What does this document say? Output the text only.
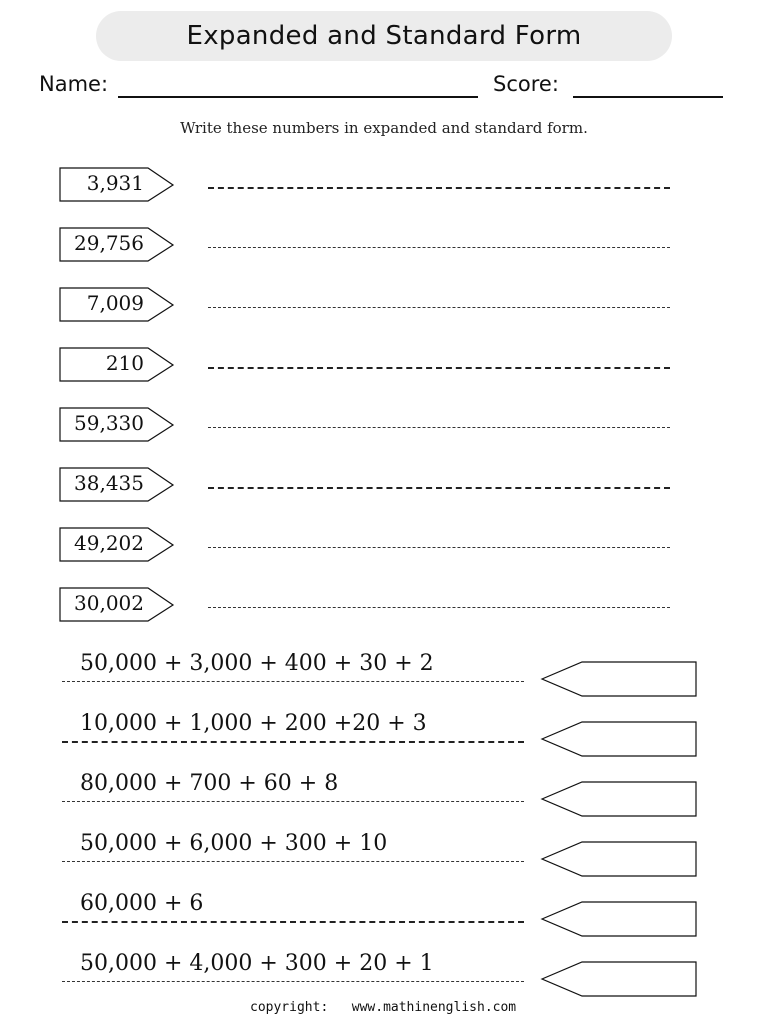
Expanded and Standard Form
Name:	Score:
Write these numbers in expanded and standard form.
3,931
29,756
7,009
210
59,330
38,435
49,202
30,002
50,000 + 3,000 + 400 + 30 + 2
10,000 + 1,000 + 200 +20 + 3
80,000 + 700 + 60 + 8
50,000 + 6,000 + 300 + 10
60,000 + 6
50,000 + 4,000 + 300 + 20 + 1
copyright: www.mathinenglish.com
